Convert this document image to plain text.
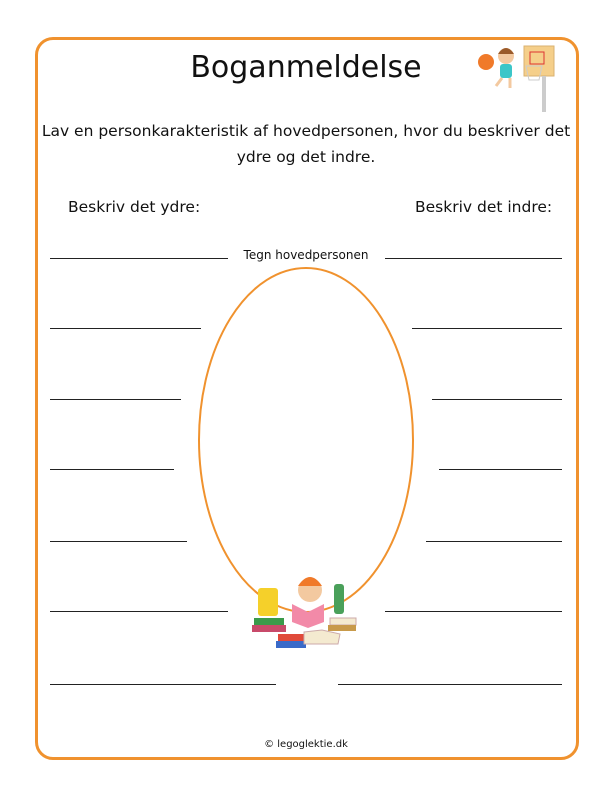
Boganmeldelse
Lav en personkarakteristik af hovedpersonen, hvor du beskriver det ydre og det indre.
Beskriv det ydre:	Beskriv det indre:
Tegn hovedpersonen
© legoglektie.dk
